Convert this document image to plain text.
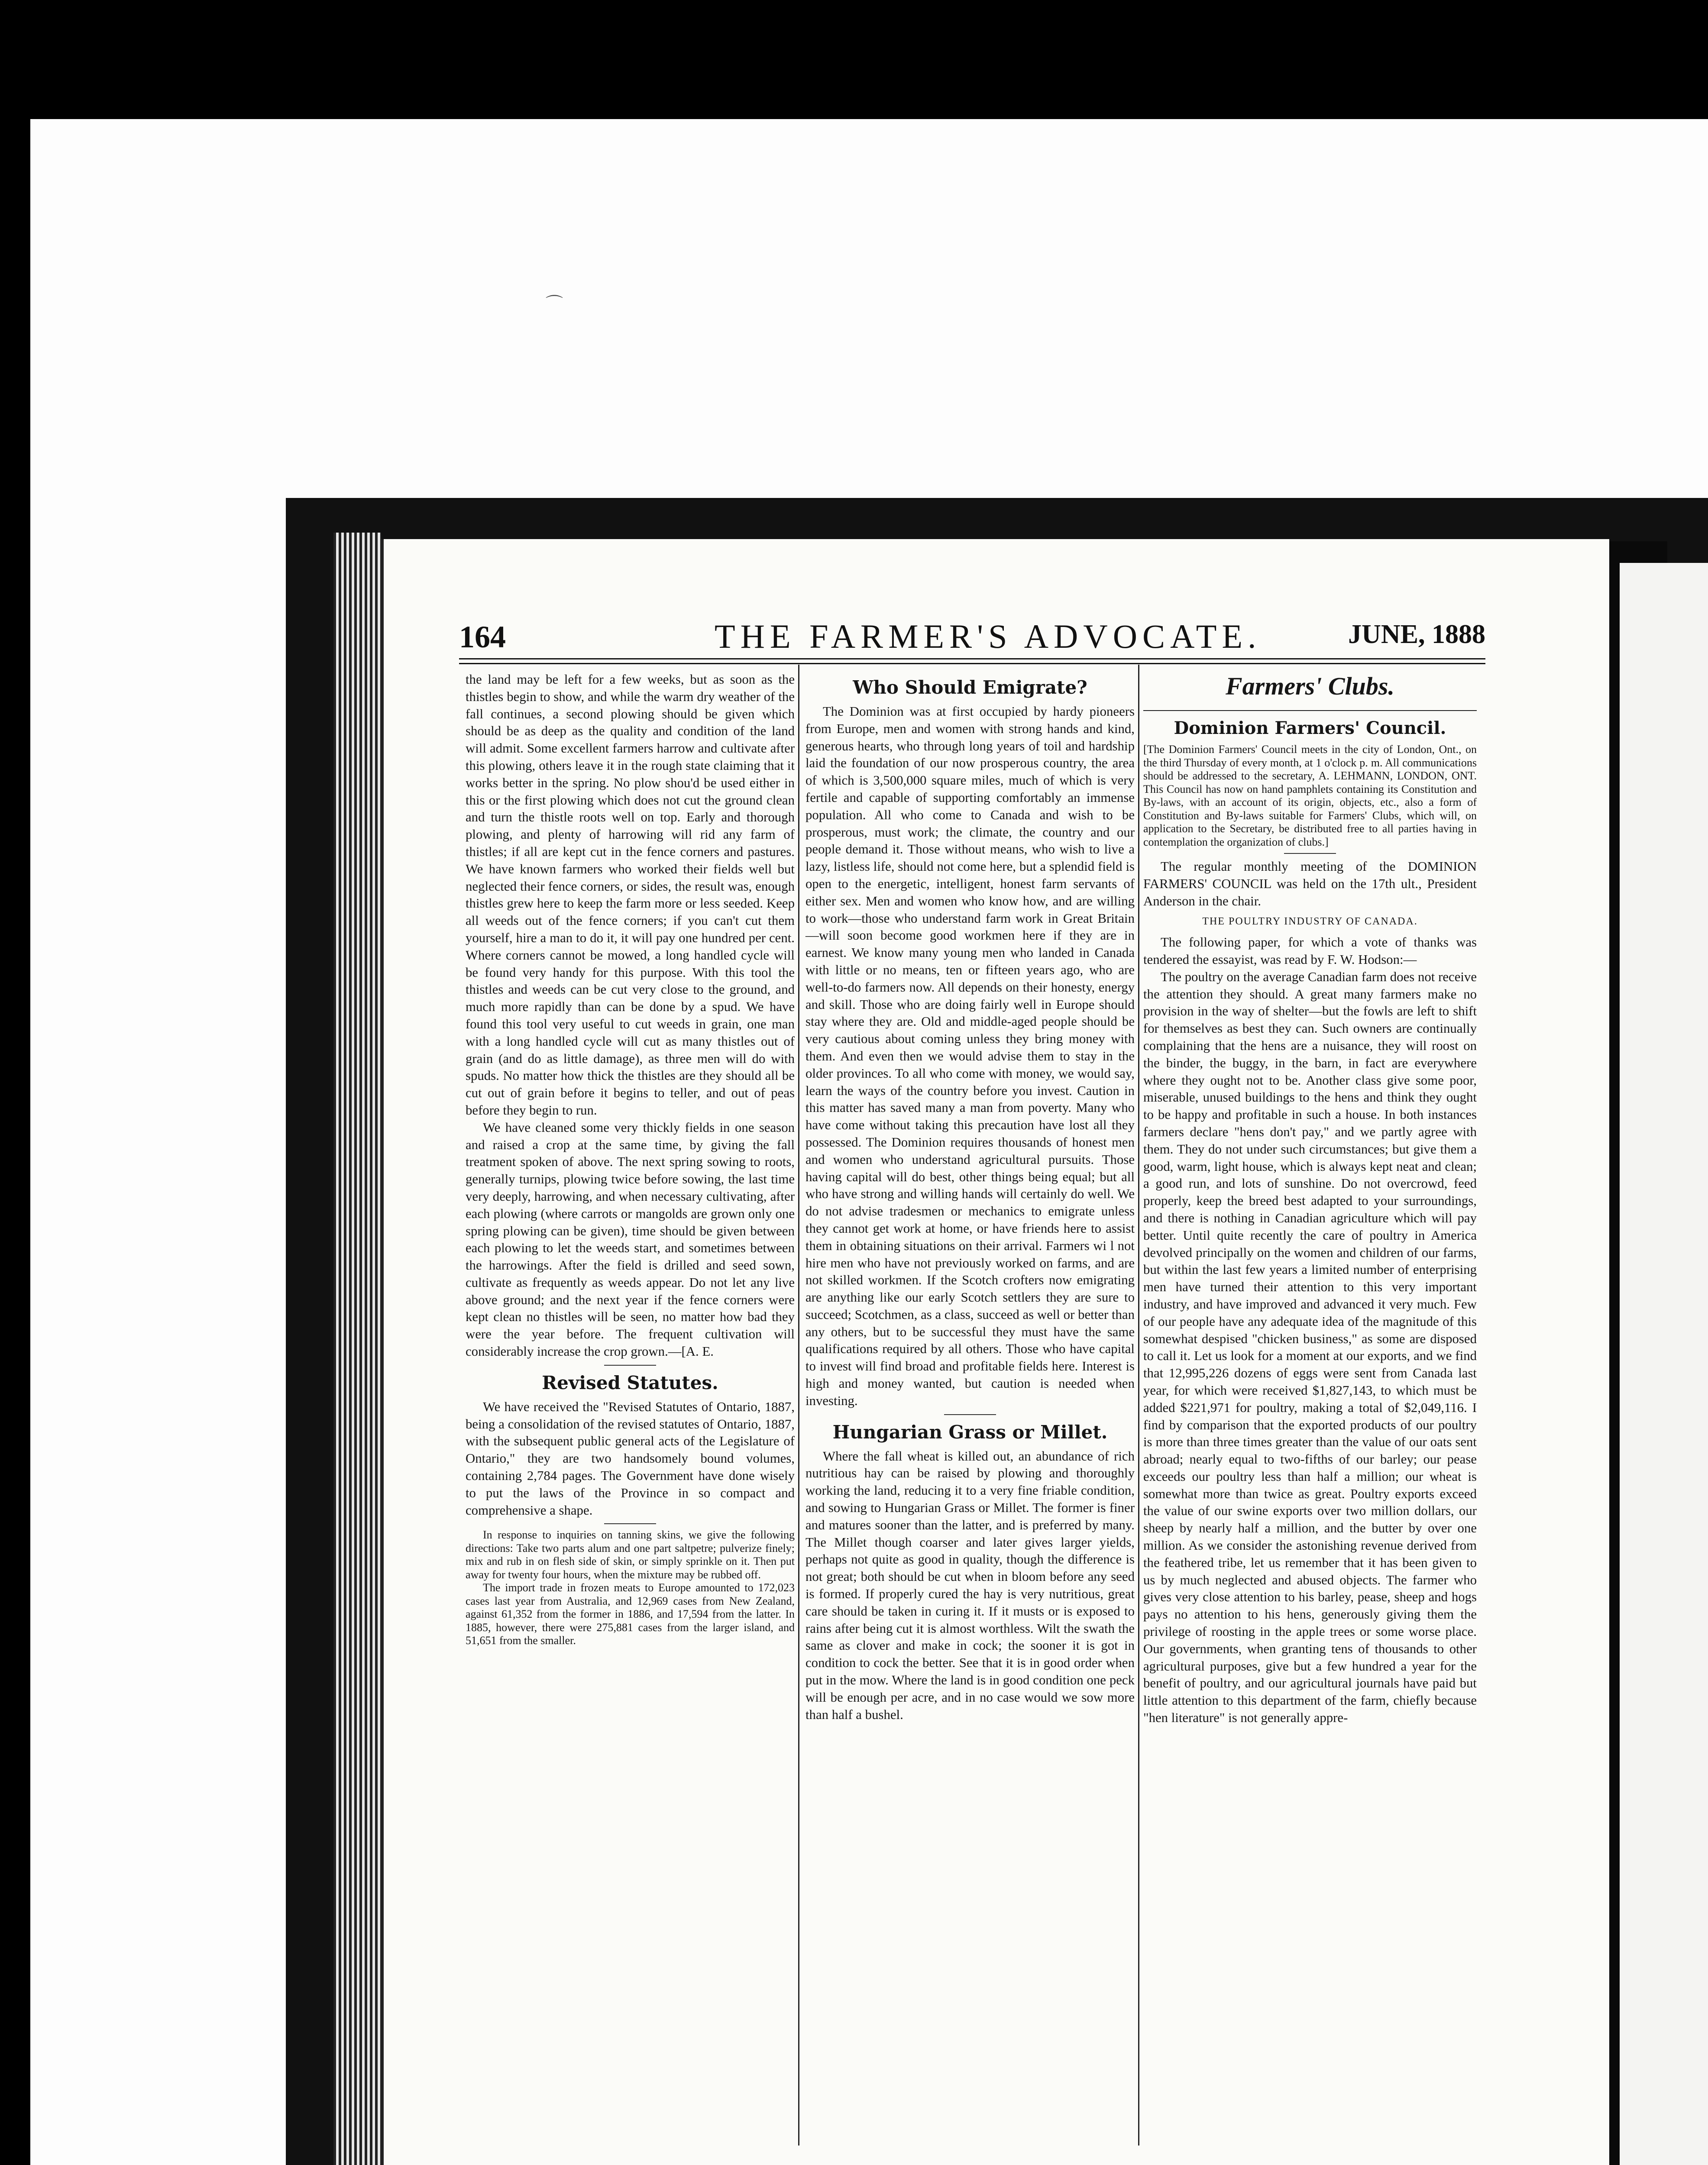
164	THE FARMER'S ADVOCATE.	JUNE, 1888

the land may be left for a few weeks, but as soon as the thistles begin to show, and while the warm dry weather of the fall continues, a second plowing should be given which should be as deep as the quality and condition of the land will admit. Some excellent farmers harrow and cultivate after this plowing, others leave it in the rough state claiming that it works better in the spring. No plow shou'd be used either in this or the first plowing which does not cut the ground clean and turn the thistle roots well on top. Early and thorough plowing, and plenty of harrowing will rid any farm of thistles; if all are kept cut in the fence corners and pastures. We have known farmers who worked their fields well but neglected their fence corners, or sides, the result was, enough thistles grew here to keep the farm more or less seeded. Keep all weeds out of the fence corners; if you can't cut them yourself, hire a man to do it, it will pay one hundred per cent. Where corners cannot be mowed, a long handled cycle will be found very handy for this purpose. With this tool the thistles and weeds can be cut very close to the ground, and much more rapidly than can be done by a spud. We have found this tool very useful to cut weeds in grain, one man with a long handled cycle will cut as many thistles out of grain (and do as little damage), as three men will do with spuds. No matter how thick the thistles are they should all be cut out of grain before it begins to teller, and out of peas before they begin to run.

We have cleaned some very thickly fields in one season and raised a crop at the same time, by giving the fall treatment spoken of above. The next spring sowing to roots, generally turnips, plowing twice before sowing, the last time very deeply, harrowing, and when necessary cultivating, after each plowing (where carrots or mangolds are grown only one spring plowing can be given), time should be given between each plowing to let the weeds start, and sometimes between the harrowings. After the field is drilled and seed sown, cultivate as frequently as weeds appear. Do not let any live above ground; and the next year if the fence corners were kept clean no thistles will be seen, no matter how bad they were the year before. The frequent cultivation will considerably increase the crop grown.—[A. E.

Revised Statutes.

We have received the "Revised Statutes of Ontario, 1887, being a consolidation of the revised statutes of Ontario, 1887, with the subsequent public general acts of the Legislature of Ontario," they are two handsomely bound volumes, containing 2,784 pages. The Government have done wisely to put the laws of the Province in so compact and comprehensive a shape.

In response to inquiries on tanning skins, we give the following directions: Take two parts alum and one part saltpetre; pulverize finely; mix and rub in on flesh side of skin, or simply sprinkle on it. Then put away for twenty four hours, when the mixture may be rubbed off.

The import trade in frozen meats to Europe amounted to 172,023 cases last year from Australia, and 12,969 cases from New Zealand, against 61,352 from the former in 1886, and 17,594 from the latter. In 1885, however, there were 275,881 cases from the larger island, and 51,651 from the smaller.

Who Should Emigrate?

The Dominion was at first occupied by hardy pioneers from Europe, men and women with strong hands and kind, generous hearts, who through long years of toil and hardship laid the foundation of our now prosperous country, the area of which is 3,500,000 square miles, much of which is very fertile and capable of supporting comfortably an immense population. All who come to Canada and wish to be prosperous, must work; the climate, the country and our people demand it. Those without means, who wish to live a lazy, listless life, should not come here, but a splendid field is open to the energetic, intelligent, honest farm servants of either sex. Men and women who know how, and are willing to work—those who understand farm work in Great Britain—will soon become good workmen here if they are in earnest. We know many young men who landed in Canada with little or no means, ten or fifteen years ago, who are well-to-do farmers now. All depends on their honesty, energy and skill. Those who are doing fairly well in Europe should stay where they are. Old and middle-aged people should be very cautious about coming unless they bring money with them. And even then we would advise them to stay in the older provinces. To all who come with money, we would say, learn the ways of the country before you invest. Caution in this matter has saved many a man from poverty. Many who have come without taking this precaution have lost all they possessed. The Dominion requires thousands of honest men and women who understand agricultural pursuits. Those having capital will do best, other things being equal; but all who have strong and willing hands will certainly do well. We do not advise tradesmen or mechanics to emigrate unless they cannot get work at home, or have friends here to assist them in obtaining situations on their arrival. Farmers wi l not hire men who have not previously worked on farms, and are not skilled workmen. If the Scotch crofters now emigrating are anything like our early Scotch settlers they are sure to succeed; Scotchmen, as a class, succeed as well or better than any others, but to be successful they must have the same qualifications required by all others. Those who have capital to invest will find broad and profitable fields here. Interest is high and money wanted, but caution is needed when investing.

Hungarian Grass or Millet.

Where the fall wheat is killed out, an abundance of rich nutritious hay can be raised by plowing and thoroughly working the land, reducing it to a very fine friable condition, and sowing to Hungarian Grass or Millet. The former is finer and matures sooner than the latter, and is preferred by many. The Millet though coarser and later gives larger yields, perhaps not quite as good in quality, though the difference is not great; both should be cut when in bloom before any seed is formed. If properly cured the hay is very nutritious, great care should be taken in curing it. If it musts or is exposed to rains after being cut it is almost worthless. Wilt the swath the same as clover and make in cock; the sooner it is got in condition to cock the better. See that it is in good order when put in the mow. Where the land is in good condition one peck will be enough per acre, and in no case would we sow more than half a bushel.

Farmers' Clubs.
Dominion Farmers' Council.

[The Dominion Farmers' Council meets in the city of London, Ont., on the third Thursday of every month, at 1 o'clock p. m. All communications should be addressed to the secretary, A. LEHMANN, LONDON, ONT. This Council has now on hand pamphlets containing its Constitution and By-laws, with an account of its origin, objects, etc., also a form of Constitution and By-laws suitable for Farmers' Clubs, which will, on application to the Secretary, be distributed free to all parties having in contemplation the organization of clubs.]

The regular monthly meeting of the DOMINION FARMERS' COUNCIL was held on the 17th ult., President Anderson in the chair.

THE POULTRY INDUSTRY OF CANADA.

The following paper, for which a vote of thanks was tendered the essayist, was read by F. W. Hodson:—

The poultry on the average Canadian farm does not receive the attention they should. A great many farmers make no provision in the way of shelter—but the fowls are left to shift for themselves as best they can. Such owners are continually complaining that the hens are a nuisance, they will roost on the binder, the buggy, in the barn, in fact are everywhere where they ought not to be. Another class give some poor, miserable, unused buildings to the hens and think they ought to be happy and profitable in such a house. In both instances farmers declare "hens don't pay," and we partly agree with them. They do not under such circumstances; but give them a good, warm, light house, which is always kept neat and clean; a good run, and lots of sunshine. Do not overcrowd, feed properly, keep the breed best adapted to your surroundings, and there is nothing in Canadian agriculture which will pay better. Until quite recently the care of poultry in America devolved principally on the women and children of our farms, but within the last few years a limited number of enterprising men have turned their attention to this very important industry, and have improved and advanced it very much. Few of our people have any adequate idea of the magnitude of this somewhat despised "chicken business," as some are disposed to call it. Let us look for a moment at our exports, and we find that 12,995,226 dozens of eggs were sent from Canada last year, for which were received $1,827,143, to which must be added $221,971 for poultry, making a total of $2,049,116. I find by comparison that the exported products of our poultry is more than three times greater than the value of our oats sent abroad; nearly equal to two-fifths of our barley; our pease exceeds our poultry less than half a million; our wheat is somewhat more than twice as great. Poultry exports exceed the value of our swine exports over two million dollars, our sheep by nearly half a million, and the butter by over one million. As we consider the astonishing revenue derived from the feathered tribe, let us remember that it has been given to us by much neglected and abused objects. The farmer who gives very close attention to his barley, pease, sheep and hogs pays no attention to his hens, generously giving them the privilege of roosting in the apple trees or some worse place. Our governments, when granting tens of thousands to other agricultural purposes, give but a few hundred a year for the benefit of poultry, and our agricultural journals have paid but little attention to this department of the farm, chiefly because "hen literature" is not generally appre-

⌒
